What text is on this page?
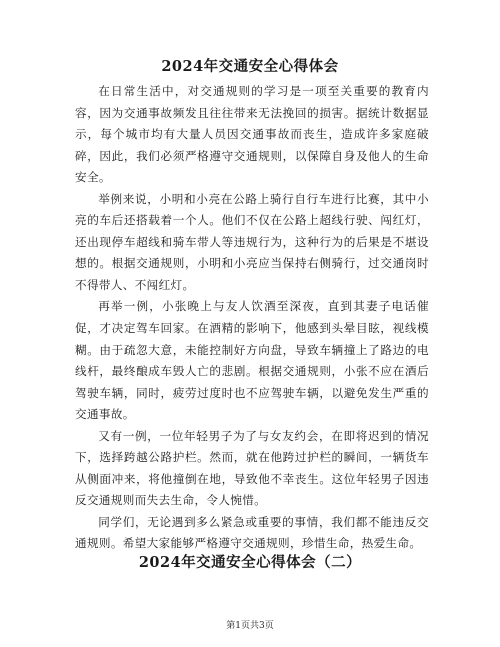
2024年交通安全心得体会

在日常生活中，对交通规则的学习是一项至关重要的教育内容，因为交通事故频发且往往带来无法挽回的损害。据统计数据显示，每个城市均有大量人员因交通事故而丧生，造成许多家庭破碎，因此，我们必须严格遵守交通规则，以保障自身及他人的生命安全。

举例来说，小明和小亮在公路上骑行自行车进行比赛，其中小亮的车后还搭载着一个人。他们不仅在公路上超线行驶、闯红灯，还出现停车超线和骑车带人等违规行为，这种行为的后果是不堪设想的。根据交通规则，小明和小亮应当保持右侧骑行，过交通岗时不得带人、不闯红灯。

再举一例，小张晚上与友人饮酒至深夜，直到其妻子电话催促，才决定驾车回家。在酒精的影响下，他感到头晕目眩，视线模糊。由于疏忽大意，未能控制好方向盘，导致车辆撞上了路边的电线杆，最终酿成车毁人亡的悲剧。根据交通规则，小张不应在酒后驾驶车辆，同时，疲劳过度时也不应驾驶车辆，以避免发生严重的交通事故。

又有一例，一位年轻男子为了与女友约会，在即将迟到的情况下，选择跨越公路护栏。然而，就在他跨过护栏的瞬间，一辆货车从侧面冲来，将他撞倒在地，导致他不幸丧生。这位年轻男子因违反交通规则而失去生命，令人惋惜。

同学们，无论遇到多么紧急或重要的事情，我们都不能违反交通规则。希望大家能够严格遵守交通规则，珍惜生命，热爱生命。

2024年交通安全心得体会（二）
第1页共3页
